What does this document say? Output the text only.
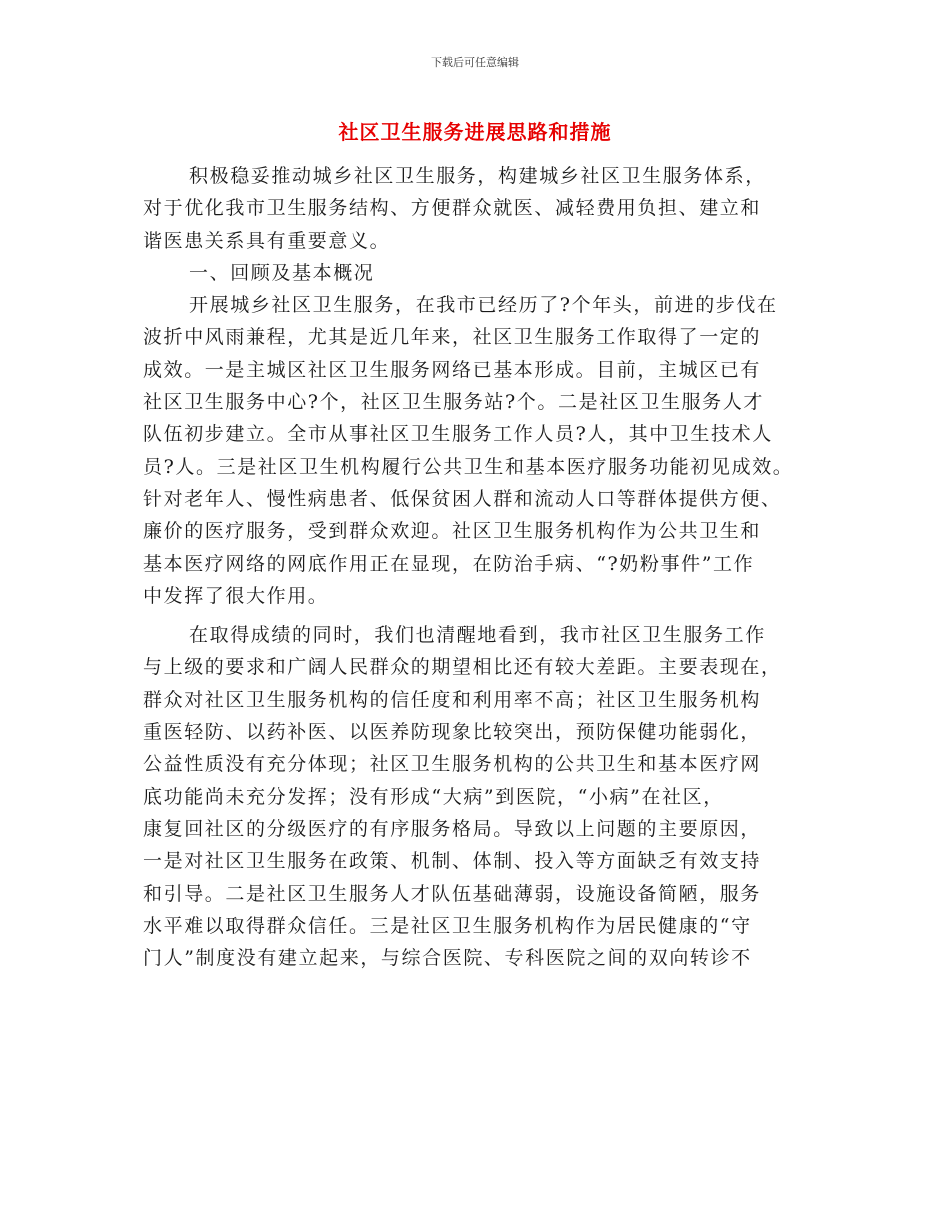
下载后可任意编辑
社区卫生服务进展思路和措施
积极稳妥推动城乡社区卫生服务，构建城乡社区卫生服务体系，
对于优化我市卫生服务结构、方便群众就医、减轻费用负担、建立和
谐医患关系具有重要意义。
一、回顾及基本概况
开展城乡社区卫生服务，在我市已经历了?个年头，前进的步伐在
波折中风雨兼程，尤其是近几年来，社区卫生服务工作取得了一定的
成效。一是主城区社区卫生服务网络已基本形成。目前，主城区已有
社区卫生服务中心?个，社区卫生服务站?个。二是社区卫生服务人才
队伍初步建立。全市从事社区卫生服务工作人员?人，其中卫生技术人
员?人。三是社区卫生机构履行公共卫生和基本医疗服务功能初见成效。
针对老年人、慢性病患者、低保贫困人群和流动人口等群体提供方便、
廉价的医疗服务，受到群众欢迎。社区卫生服务机构作为公共卫生和
基本医疗网络的网底作用正在显现，在防治手病、“?奶粉事件”工作
中发挥了很大作用。
在取得成绩的同时，我们也清醒地看到，我市社区卫生服务工作
与上级的要求和广阔人民群众的期望相比还有较大差距。主要表现在，
群众对社区卫生服务机构的信任度和利用率不高；社区卫生服务机构
重医轻防、以药补医、以医养防现象比较突出，预防保健功能弱化，
公益性质没有充分体现；社区卫生服务机构的公共卫生和基本医疗网
底功能尚未充分发挥；没有形成“大病”到医院，“小病”在社区，
康复回社区的分级医疗的有序服务格局。导致以上问题的主要原因，
一是对社区卫生服务在政策、机制、体制、投入等方面缺乏有效支持
和引导。二是社区卫生服务人才队伍基础薄弱，设施设备简陋，服务
水平难以取得群众信任。三是社区卫生服务机构作为居民健康的“守
门人”制度没有建立起来，与综合医院、专科医院之间的双向转诊不
